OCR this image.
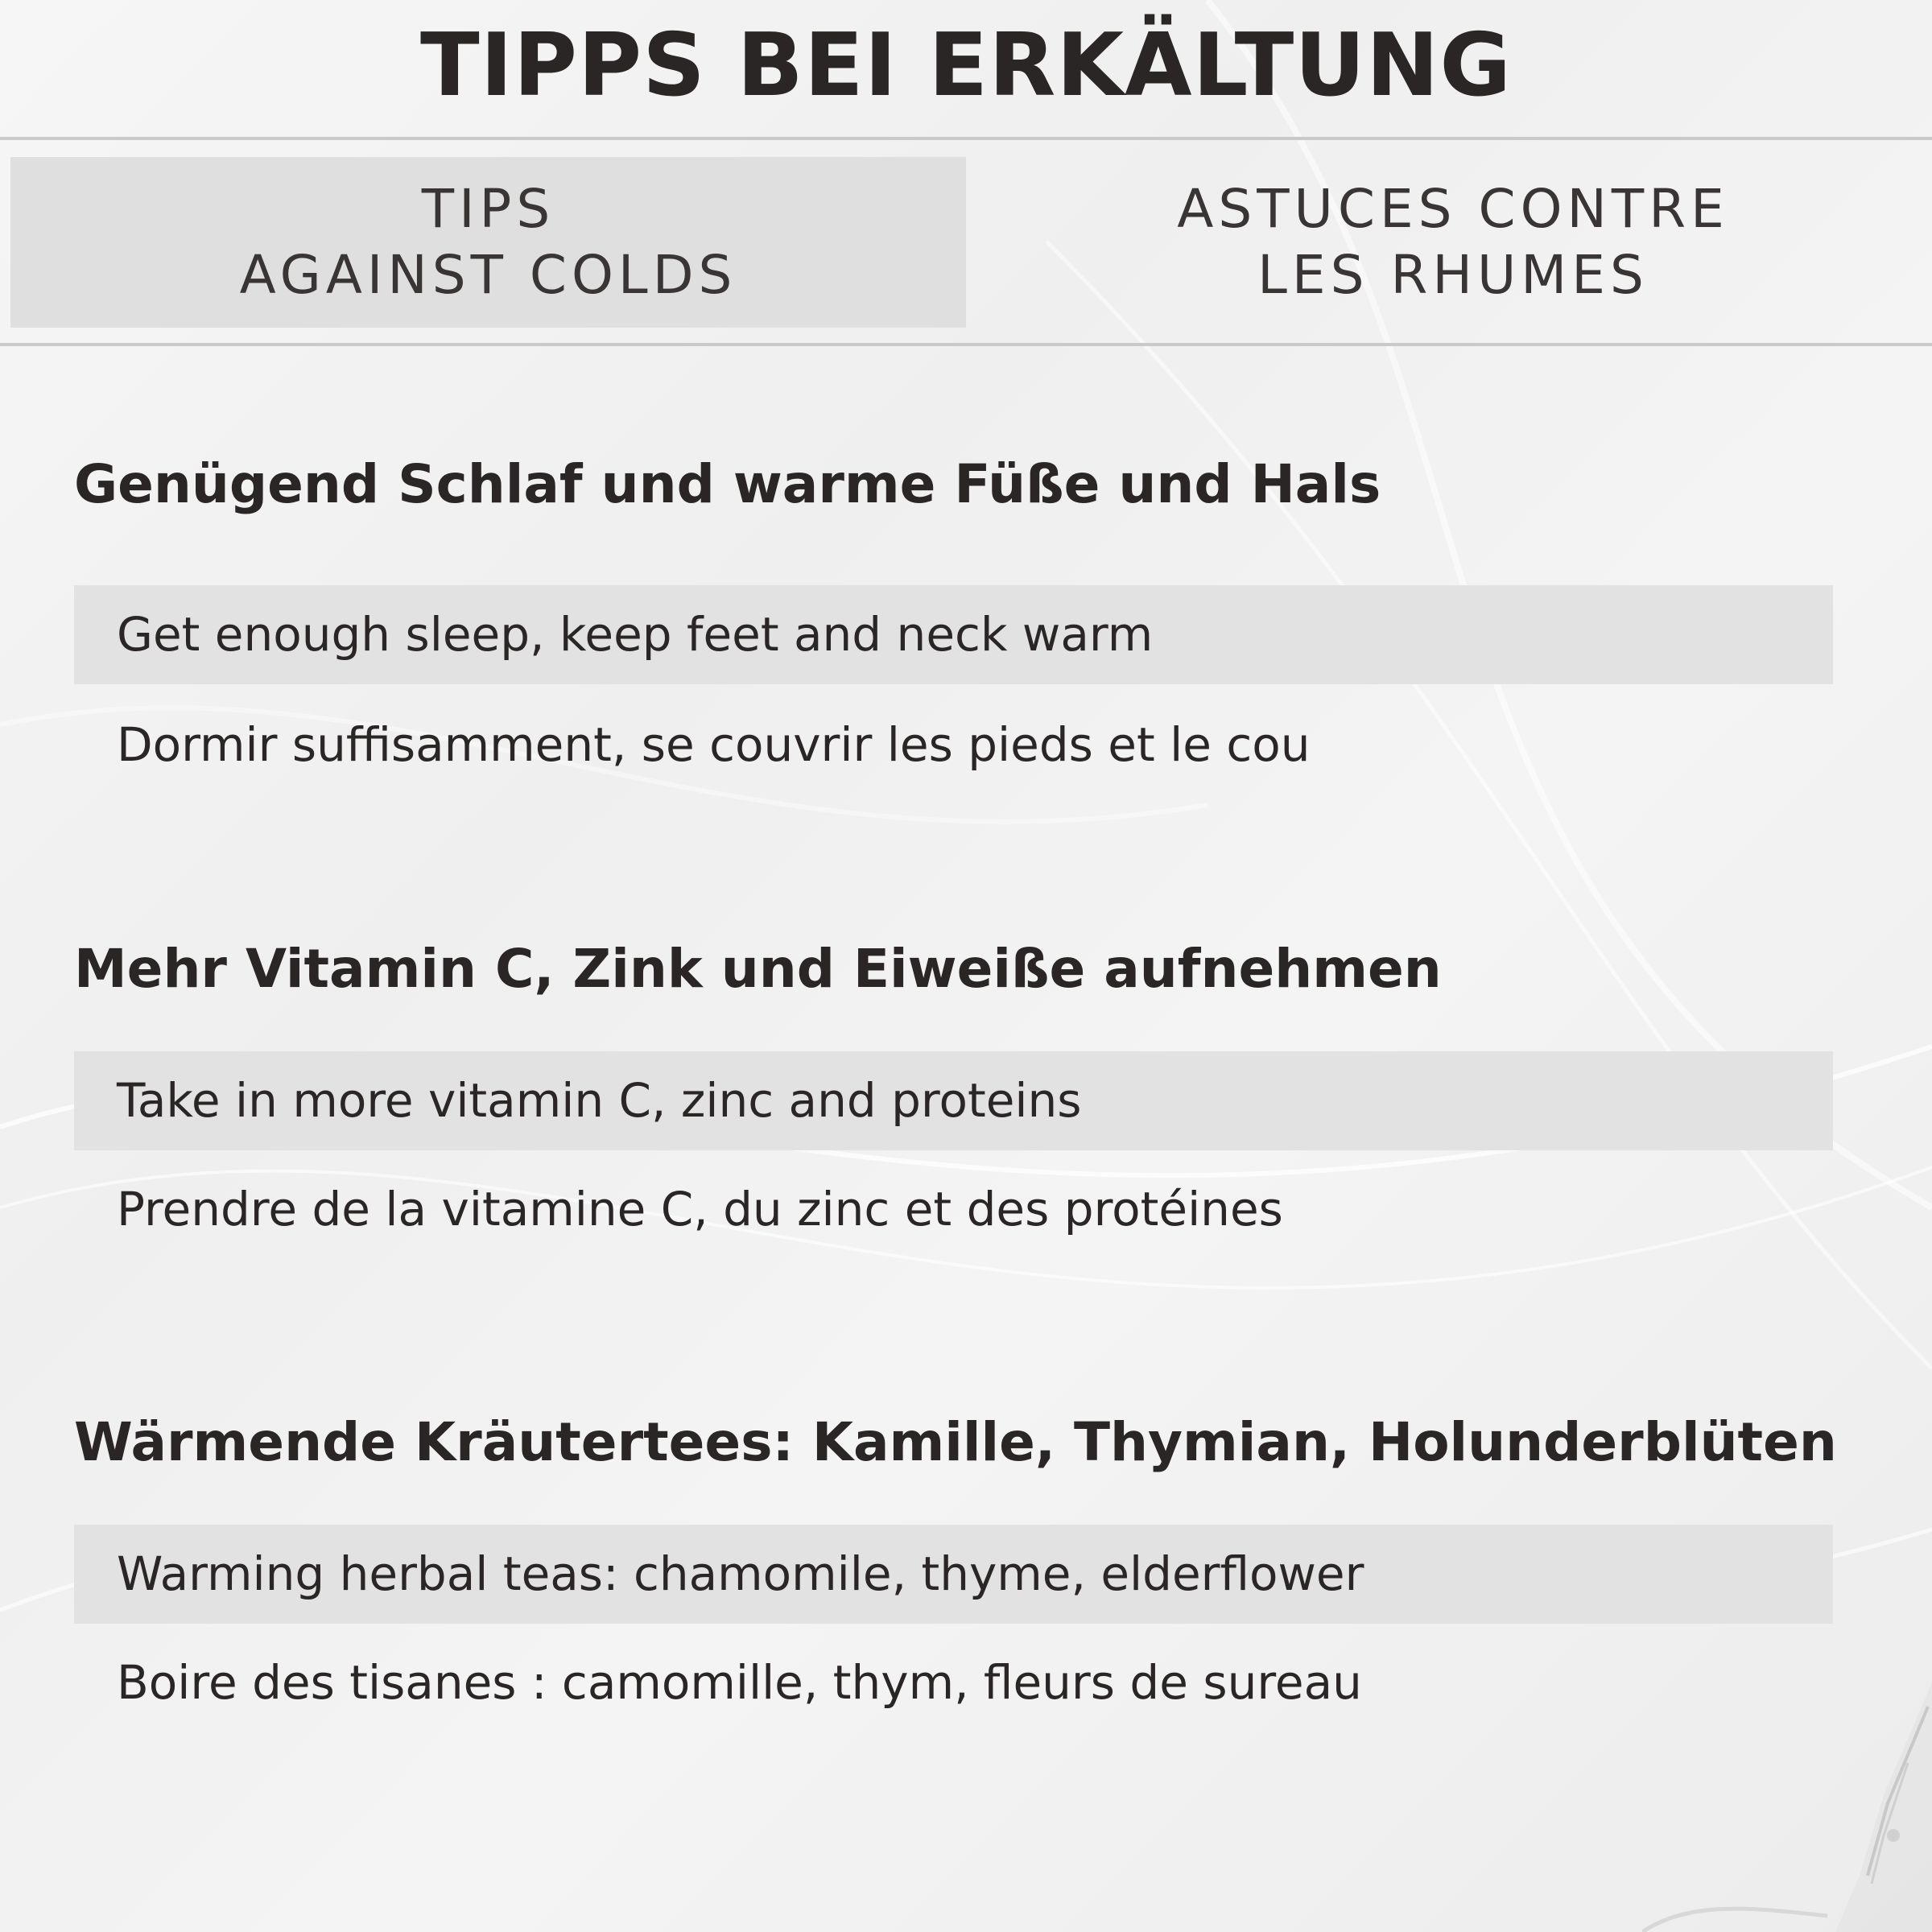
TIPPS BEI ERKÄLTUNG
TIPS
AGAINST COLDS
ASTUCES CONTRE
LES RHUMES
Genügend Schlaf und warme Füße und Hals
Get enough sleep, keep feet and neck warm
Dormir suffisamment, se couvrir les pieds et le cou
Mehr Vitamin C, Zink und Eiweiße aufnehmen
Take in more vitamin C, zinc and proteins
Prendre de la vitamine C, du zinc et des protéines
Wärmende Kräutertees: Kamille, Thymian, Holunderblüten
Warming herbal teas: chamomile, thyme, elderflower
Boire des tisanes : camomille, thym, fleurs de sureau
